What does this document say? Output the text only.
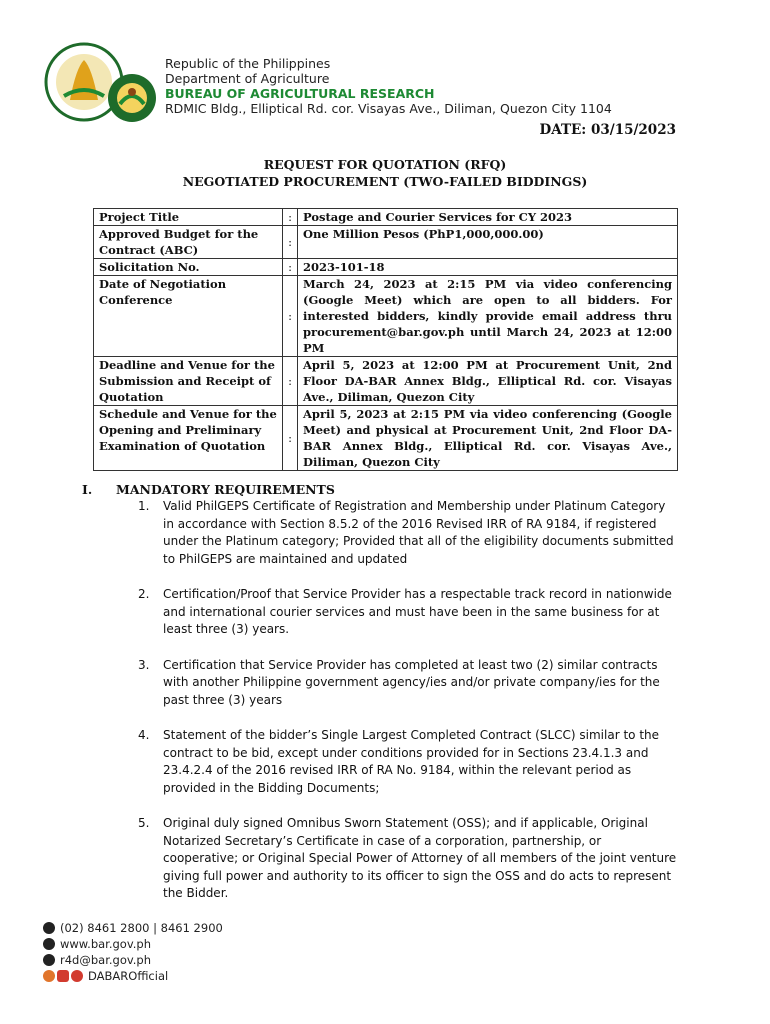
Republic of the Philippines
Department of Agriculture
BUREAU OF AGRICULTURAL RESEARCH
RDMIC Bldg., Elliptical Rd. cor. Visayas Ave., Diliman, Quezon City 1104
DATE: 03/15/2023
REQUEST FOR QUOTATION (RFQ)
NEGOTIATED PROCUREMENT (TWO-FAILED BIDDINGS)
Project Title	:	Postage and Courier Services for CY 2023
Approved Budget for the Contract (ABC)	:	One Million Pesos (PhP1,000,000.00)
Solicitation No.	:	2023-101-18
Date of Negotiation Conference	:	March 24, 2023 at 2:15 PM via video conferencing (Google Meet) which are open to all bidders. For interested bidders, kindly provide email address thru procurement@bar.gov.ph until March 24, 2023 at 12:00 PM
Deadline and Venue for the Submission and Receipt of Quotation	:	April 5, 2023 at 12:00 PM at Procurement Unit, 2nd Floor DA-BAR Annex Bldg., Elliptical Rd. cor. Visayas Ave., Diliman, Quezon City
Schedule and Venue for the Opening and Preliminary Examination of Quotation	:	April 5, 2023 at 2:15 PM via video conferencing (Google Meet) and physical at Procurement Unit, 2nd Floor DA-BAR Annex Bldg., Elliptical Rd. cor. Visayas Ave., Diliman, Quezon City
I. MANDATORY REQUIREMENTS
1. Valid PhilGEPS Certificate of Registration and Membership under Platinum Category in accordance with Section 8.5.2 of the 2016 Revised IRR of RA 9184, if registered under the Platinum category; Provided that all of the eligibility documents submitted to PhilGEPS are maintained and updated
2. Certification/Proof that Service Provider has a respectable track record in nationwide and international courier services and must have been in the same business for at least three (3) years.
3. Certification that Service Provider has completed at least two (2) similar contracts with another Philippine government agency/ies and/or private company/ies for the past three (3) years
4. Statement of the bidder’s Single Largest Completed Contract (SLCC) similar to the contract to be bid, except under conditions provided for in Sections 23.4.1.3 and 23.4.2.4 of the 2016 revised IRR of RA No. 9184, within the relevant period as provided in the Bidding Documents;
5. Original duly signed Omnibus Sworn Statement (OSS); and if applicable, Original Notarized Secretary’s Certificate in case of a corporation, partnership, or cooperative; or Original Special Power of Attorney of all members of the joint venture giving full power and authority to its officer to sign the OSS and do acts to represent the Bidder.
(02) 8461 2800 | 8461 2900
www.bar.gov.ph
r4d@bar.gov.ph
DABAROfficial
